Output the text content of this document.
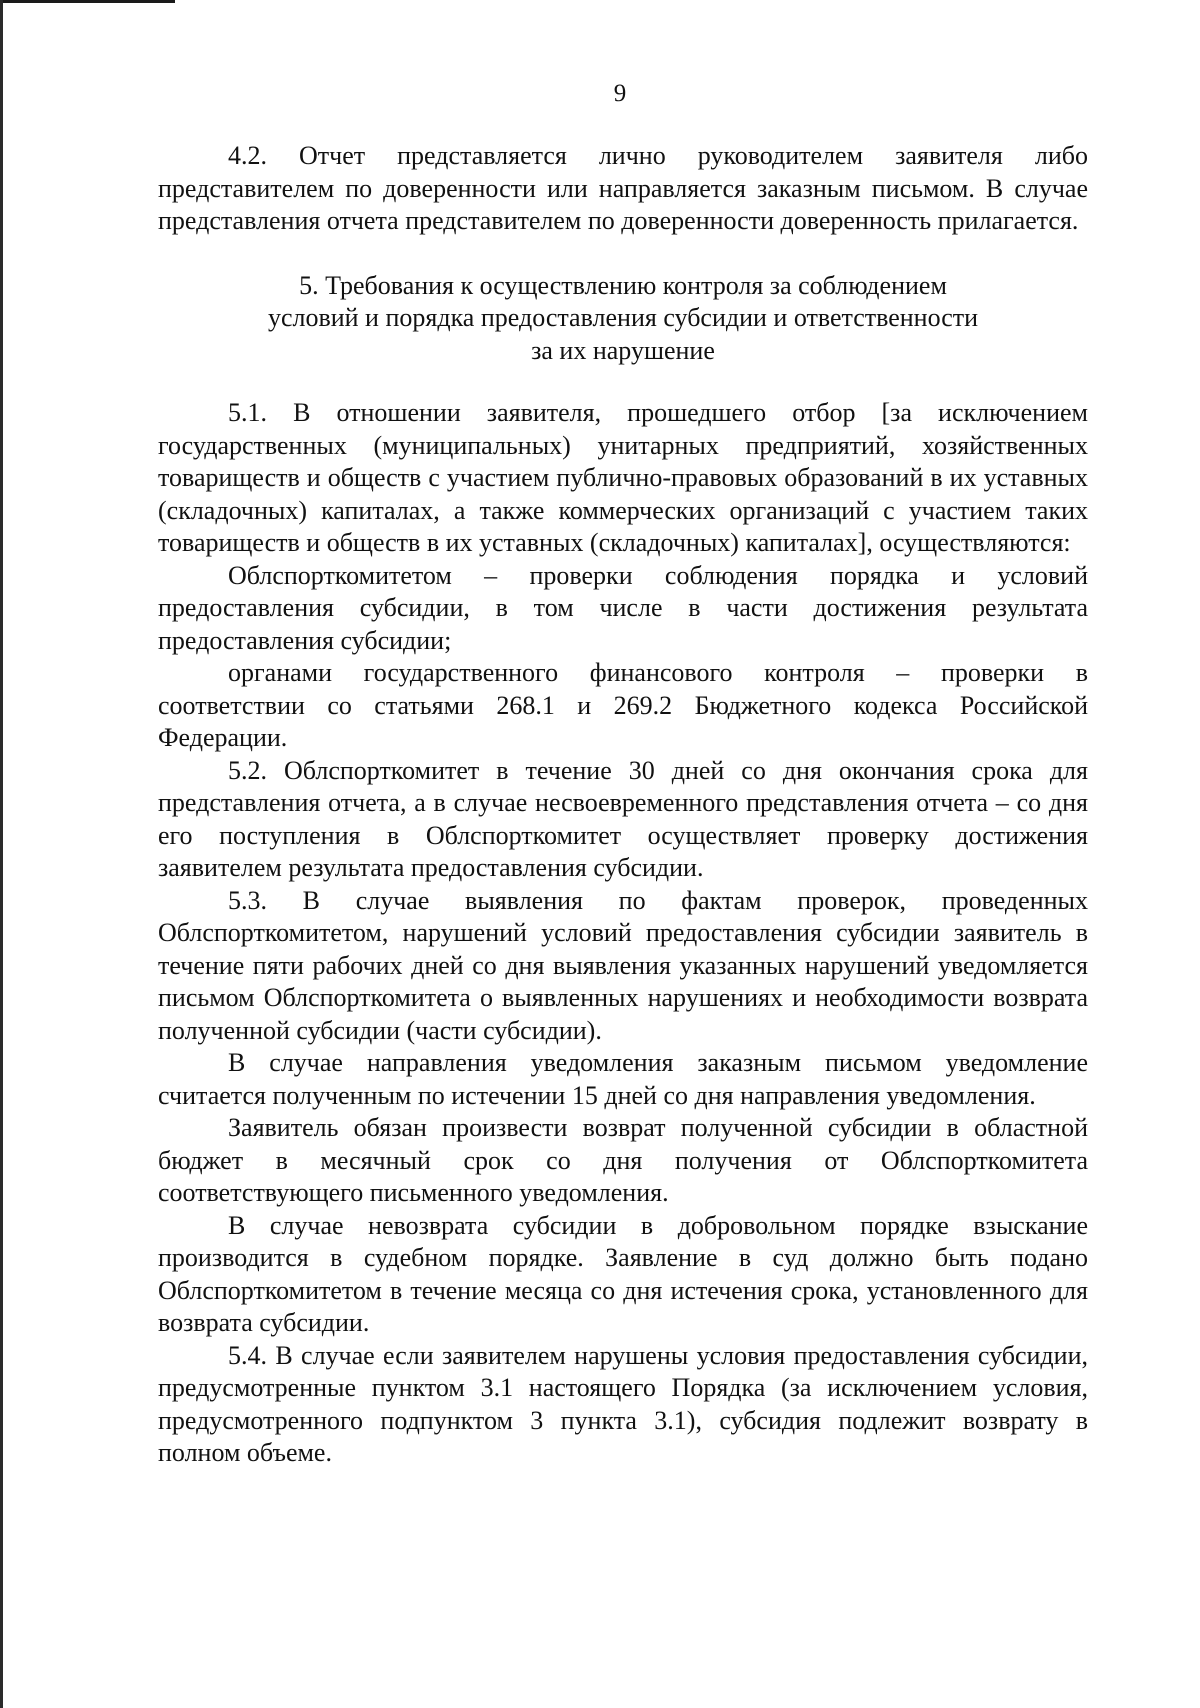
9

4.2. Отчет представляется лично руководителем заявителя либо представителем по доверенности или направляется заказным письмом. В случае представления отчета представителем по доверенности доверенность прилагается.

5. Требования к осуществлению контроля за соблюдением
условий и порядка предоставления субсидии и ответственности
за их нарушение

5.1. В отношении заявителя, прошедшего отбор [за исключением государственных (муниципальных) унитарных предприятий, хозяйственных товариществ и обществ с участием публично-правовых образований в их уставных (складочных) капиталах, а также коммерческих организаций с участием таких товариществ и обществ в их уставных (складочных) капиталах], осуществляются:

Облспорткомитетом – проверки соблюдения порядка и условий предоставления субсидии, в том числе в части достижения результата предоставления субсидии;

органами государственного финансового контроля – проверки в соответствии со статьями 268.1 и 269.2 Бюджетного кодекса Российской Федерации.

5.2. Облспорткомитет в течение 30 дней со дня окончания срока для представления отчета, а в случае несвоевременного представления отчета – со дня его поступления в Облспорткомитет осуществляет проверку достижения заявителем результата предоставления субсидии.

5.3. В случае выявления по фактам проверок, проведенных Облспорткомитетом, нарушений условий предоставления субсидии заявитель в течение пяти рабочих дней со дня выявления указанных нарушений уведомляется письмом Облспорткомитета о выявленных нарушениях и необходимости возврата полученной субсидии (части субсидии).

В случае направления уведомления заказным письмом уведомление считается полученным по истечении 15 дней со дня направления уведомления.

Заявитель обязан произвести возврат полученной субсидии в областной бюджет в месячный срок со дня получения от Облспорткомитета соответствующего письменного уведомления.

В случае невозврата субсидии в добровольном порядке взыскание производится в судебном порядке. Заявление в суд должно быть подано Облспорткомитетом в течение месяца со дня истечения срока, установленного для возврата субсидии.

5.4. В случае если заявителем нарушены условия предоставления субсидии, предусмотренные пунктом 3.1 настоящего Порядка (за исключением условия, предусмотренного подпунктом 3 пункта 3.1), субсидия подлежит возврату в полном объеме.
